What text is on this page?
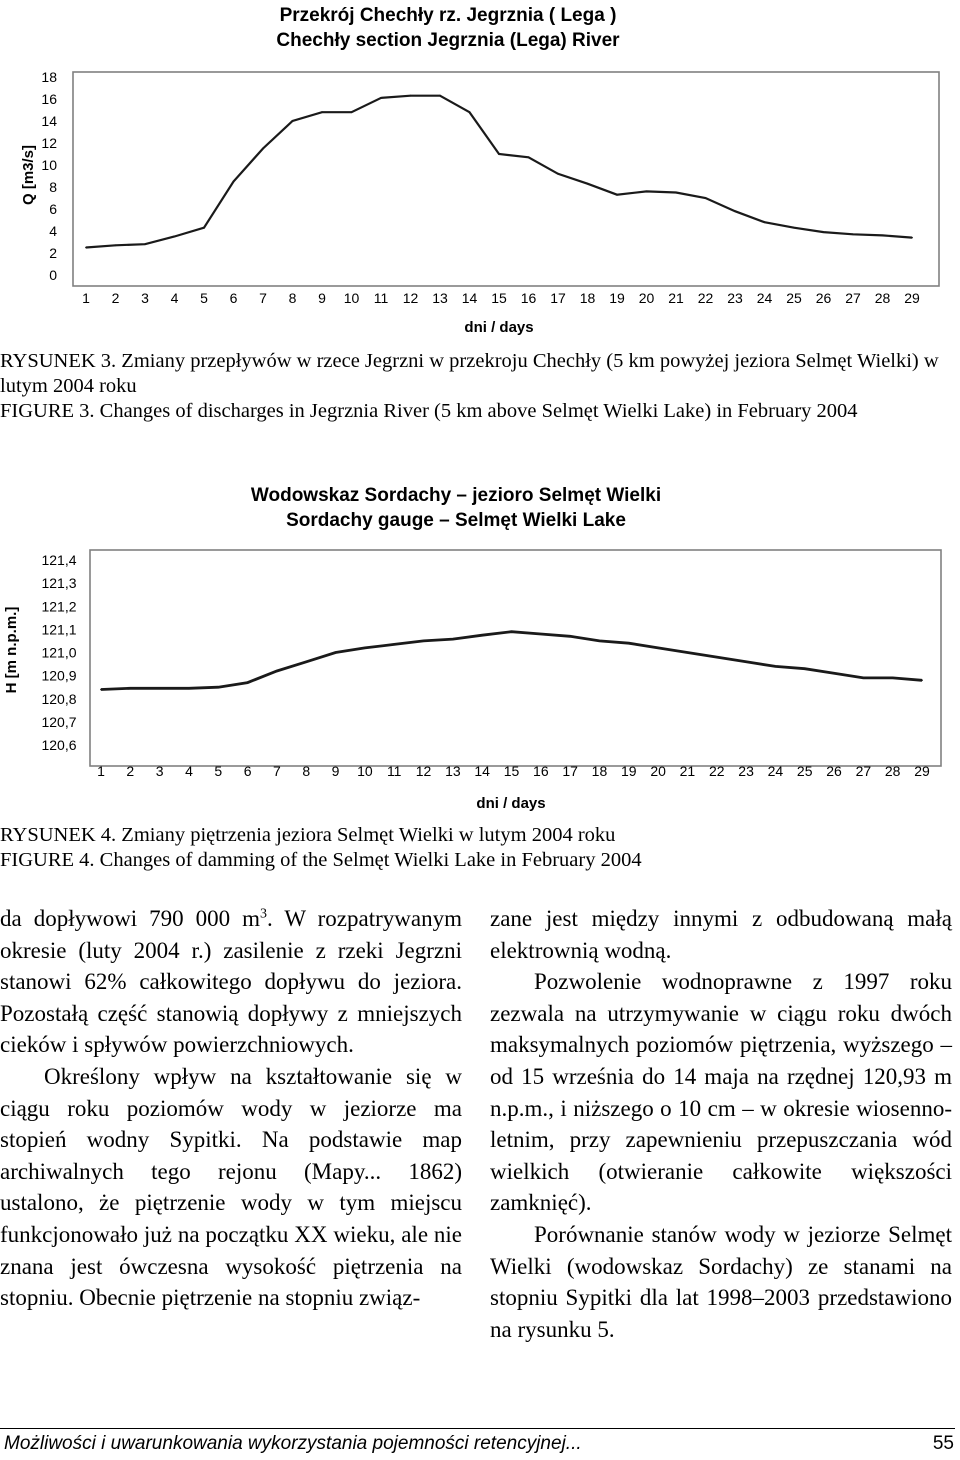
Przekrój Chechły rz. Jegrznia ( Lega )
Chechły section Jegrznia (Lega) River
Q [m3/s]
0
2
4
6
8
10
12
14
16
18
1 2 3 4 5 6 7 8 9 10 11 12 13 14 15 16 17 18 19 20 21 22 23 24 25 26 27 28 29
dni / days
RYSUNEK 3. Zmiany przepływów w rzece Jegrzni w przekroju Chechły (5 km powyżej jeziora Selmęt Wielki) w lutym 2004 roku
FIGURE 3. Changes of discharges in Jegrznia River (5 km above Selmęt Wielki Lake) in February 2004
Wodowskaz Sordachy – jezioro Selmęt Wielki
Sordachy gauge – Selmęt Wielki Lake
H [m n.p.m.]
120,6
120,7
120,8
120,9
121,0
121,1
121,2
121,3
121,4
1 2 3 4 5 6 7 8 9 10 11 12 13 14 15 16 17 18 19 20 21 22 23 24 25 26 27 28 29
dni / days
RYSUNEK 4. Zmiany piętrzenia jeziora Selmęt Wielki w lutym 2004 roku
FIGURE 4. Changes of damming of the Selmęt Wielki Lake in February 2004

da dopływowi 790 000 $m^3$. W rozpatrywanym okresie (luty 2004 r.) zasilenie z rzeki Jegrzni stanowi 62% całkowitego dopływu do jeziora. Pozostałą część stanowią dopływy z mniejszych cieków i spływów powierzchniowych.

Określony wpływ na kształtowanie się w ciągu roku poziomów wody w jeziorze ma stopień wodny Sypitki. Na podstawie map archiwalnych tego rejonu (Mapy... 1862) ustalono, że piętrzenie wody w tym miejscu funkcjonowało już na początku XX wieku, ale nie znana jest ówczesna wysokość piętrzenia na stopniu. Obecnie piętrzenie na stopniu związ-

zane jest między innymi z odbudowaną małą elektrownią wodną.

Pozwolenie wodnoprawne z 1997 roku zezwala na utrzymywanie w ciągu roku dwóch maksymalnych poziomów piętrzenia, wyższego – od 15 września do 14 maja na rzędnej 120,93 m n.p.m., i niższego o 10 cm – w okresie wiosenno-letnim, przy zapewnieniu przepuszczania wód wielkich (otwieranie całkowite większości zamknięć).

Porównanie stanów wody w jeziorze Selmęt Wielki (wodowskaz Sordachy) ze stanami na stopniu Sypitki dla lat 1998–2003 przedstawiono na rysunku 5.

Możliwości i uwarunkowania wykorzystania pojemności retencyjnej...	55
